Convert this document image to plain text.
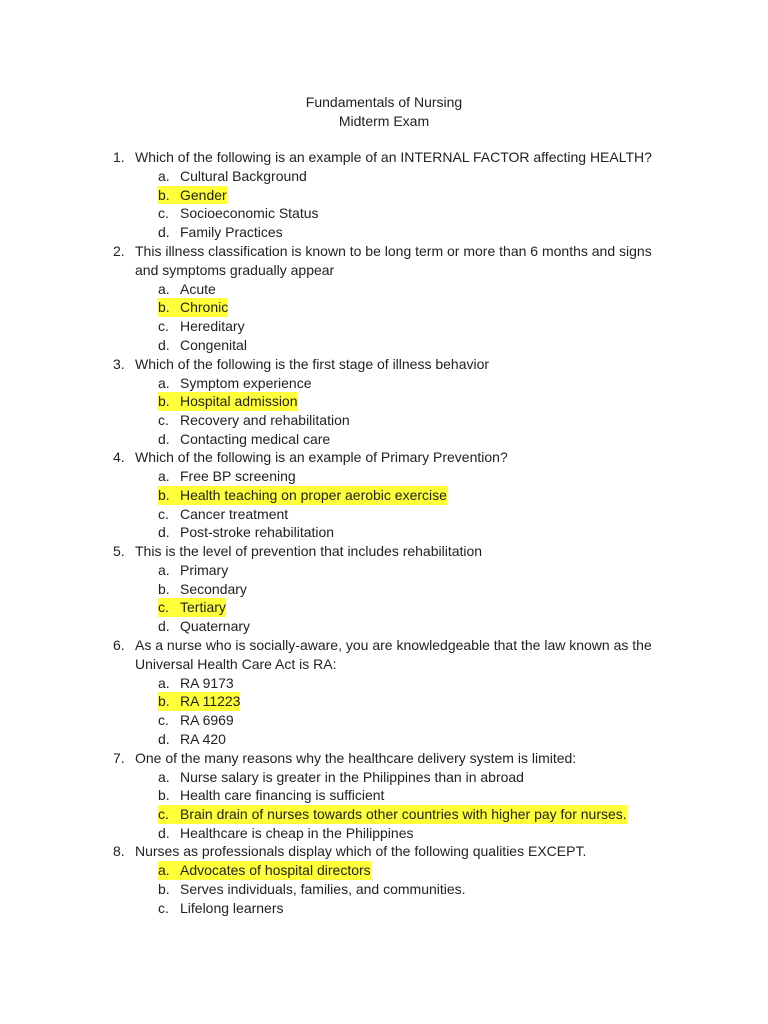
Fundamentals of Nursing
Midterm Exam
1. Which of the following is an example of an INTERNAL FACTOR affecting HEALTH?
a. Cultural Background
b. Gender
c. Socioeconomic Status
d. Family Practices
2. This illness classification is known to be long term or more than 6 months and signs and symptoms gradually appear
a. Acute
b. Chronic
c. Hereditary
d. Congenital
3. Which of the following is the first stage of illness behavior
a. Symptom experience
b. Hospital admission
c. Recovery and rehabilitation
d. Contacting medical care
4. Which of the following is an example of Primary Prevention?
a. Free BP screening
b. Health teaching on proper aerobic exercise
c. Cancer treatment
d. Post-stroke rehabilitation
5. This is the level of prevention that includes rehabilitation
a. Primary
b. Secondary
c. Tertiary
d. Quaternary
6. As a nurse who is socially-aware, you are knowledgeable that the law known as the Universal Health Care Act is RA:
a. RA 9173
b. RA 11223
c. RA 6969
d. RA 420
7. One of the many reasons why the healthcare delivery system is limited:
a. Nurse salary is greater in the Philippines than in abroad
b. Health care financing is sufficient
c. Brain drain of nurses towards other countries with higher pay for nurses.
d. Healthcare is cheap in the Philippines
8. Nurses as professionals display which of the following qualities EXCEPT.
a. Advocates of hospital directors
b. Serves individuals, families, and communities.
c. Lifelong learners
